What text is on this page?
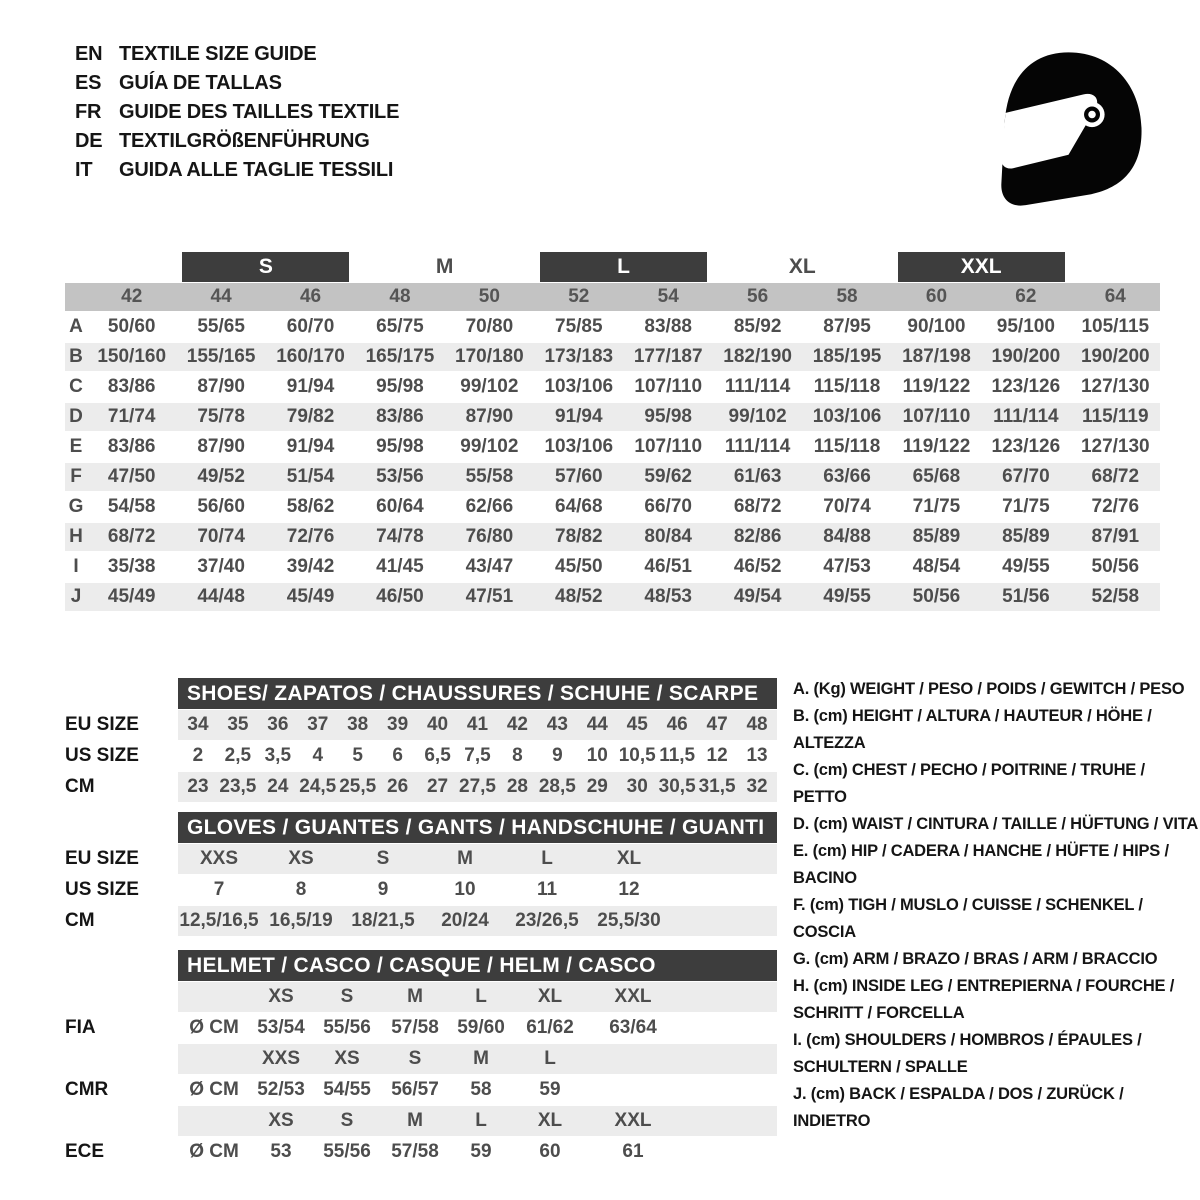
EN TEXTILE SIZE GUIDE
ES GUÍA DE TALLAS
FR GUIDE DES TAILLES TEXTILE
DE TEXTILGRÖßENFÜHRUNG
IT	GUIDA ALLE TAGLIE TESSILI
S	M	L	XL	XXL
42	44	46	48	50	52	54	56	58	60	62	64
A	50/60	55/65	60/70	65/75	70/80	75/85	83/88	85/92	87/95	90/100	95/100	105/115
B 150/160	155/165	160/170	165/175	170/180	173/183	177/187	182/190	185/195	187/198	190/200	190/200
C	83/86	87/90	91/94	95/98	99/102	103/106	107/110	111/114	115/118	119/122	123/126	127/130
D	71/74	75/78	79/82	83/86	87/90	91/94	95/98	99/102	103/106	107/110	111/114	115/119
E	83/86	87/90	91/94	95/98	99/102	103/106	107/110	111/114	115/118	119/122	123/126	127/130
F	47/50	49/52	51/54	53/56	55/58	57/60	59/62	61/63	63/66	65/68	67/70	68/72
G	54/58	56/60	58/62	60/64	62/66	64/68	66/70	68/72	70/74	71/75	71/75	72/76
H	68/72	70/74	72/76	74/78	76/80	78/82	80/84	82/86	84/88	85/89	85/89	87/91
I	35/38	37/40	39/42	41/45	43/47	45/50	46/51	46/52	47/53	48/54	49/55	50/56
J	45/49	44/48	45/49	46/50	47/51	48/52	48/53	49/54	49/55	50/56	51/56	52/58
SHOES/ ZAPATOS / CHAUSSURES / SCHUHE / SCARPE
EU SIZE	34 35 36 37 38 39 40 41 42 43 44 45 46 47 48
US SIZE	2	2,5 3,5	4	5	6	6,5 7,5	8	9	10 10,5 11,5 12 13
CM	23 23,5 24 24,5 25,5 26 27 27,5 28 28,5 29 30 30,5 31,5 32
GLOVES / GUANTES / GANTS / HANDSCHUHE / GUANTI
EU SIZE	XXS	XS	S	M	L	XL
US SIZE	7	8	9	10	11	12
CM	12,5/16,5 16,5/19 18/21,5	20/24	23/26,5 25,5/30
HELMET / CASCO / CASQUE / HELM / CASCO
XS	S	M	L	XL	XXL
FIA	Ø CM 53/54 55/56	57/58 59/60	61/62	63/64
XXS	XS	S	M	L
CMR	Ø CM 52/53 54/55	56/57	58	59
XS	S	M	L	XL	XXL
ECE	Ø CM	53	55/56	57/58	59	60	61
A. (Kg) WEIGHT / PESO / POIDS / GEWITCH / PESO
B. (cm) HEIGHT / ALTURA / HAUTEUR / HÖHE / ALTEZZA
C. (cm) CHEST / PECHO / POITRINE / TRUHE / PETTO
D. (cm) WAIST / CINTURA / TAILLE / HÜFTUNG / VITA
E. (cm) HIP / CADERA / HANCHE / HÜFTE / HIPS / BACINO
F. (cm) TIGH / MUSLO / CUISSE / SCHENKEL / COSCIA
G. (cm) ARM / BRAZO / BRAS / ARM / BRACCIO
H. (cm) INSIDE LEG / ENTREPIERNA / FOURCHE / SCHRITT / FORCELLA
I. (cm) SHOULDERS / HOMBROS / ÉPAULES / SCHULTERN / SPALLE
J. (cm) BACK / ESPALDA / DOS / ZURÜCK / INDIETRO
